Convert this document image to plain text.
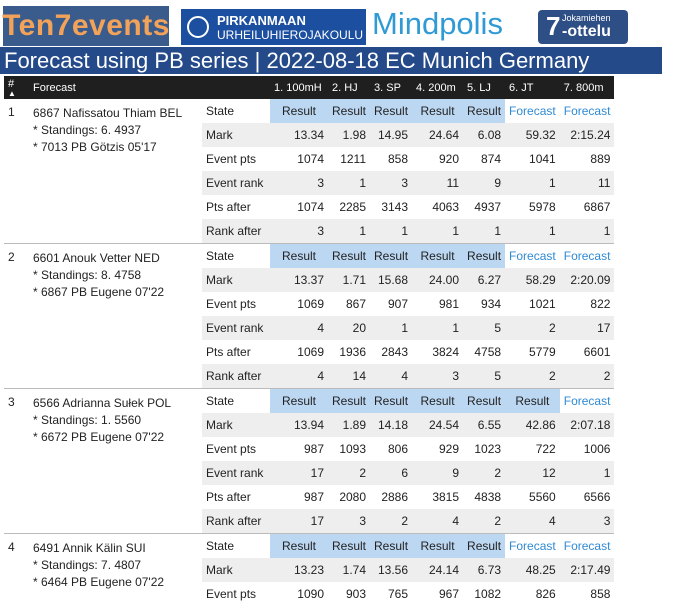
Ten7events	PIRKANMAAN
URHEILUHIEROJAKOULU Mindpolis 7 Jokamiehen
-ottelu
Forecast using PB series | 2022-08-18 EC Munich Germany
#
▲	Forecast		1. 100mH	2. HJ	3. SP	4. 200m	5. LJ	6. JT	7. 800m
1	6867 Nafissatou Thiam BEL
* Standings: 6. 4937
* 7013 PB Götzis 05'17	State	Result	Result	Result	Result	Result	Forecast	Forecast
		Mark	13.34	1.98	14.95	24.64	6.08	59.32	2:15.24
		Event pts	1074	1211	858	920	874	1041	889
		Event rank	3	1	3	11	9	1	11
		Pts after	1074	2285	3143	4063	4937	5978	6867
		Rank after	3	1	1	1	1	1	1
2	6601 Anouk Vetter NED
* Standings: 8. 4758
* 6867 PB Eugene 07'22	State	Result	Result	Result	Result	Result	Forecast	Forecast
		Mark	13.37	1.71	15.68	24.00	6.27	58.29	2:20.09
		Event pts	1069	867	907	981	934	1021	822
		Event rank	4	20	1	1	5	2	17
		Pts after	1069	1936	2843	3824	4758	5779	6601
		Rank after	4	14	4	3	5	2	2
3	6566 Adrianna Sułek POL
* Standings: 1. 5560
* 6672 PB Eugene 07'22	State	Result	Result	Result	Result	Result	Result	Forecast
		Mark	13.94	1.89	14.18	24.54	6.55	42.86	2:07.18
		Event pts	987	1093	806	929	1023	722	1006
		Event rank	17	2	6	9	2	12	1
		Pts after	987	2080	2886	3815	4838	5560	6566
		Rank after	17	3	2	4	2	4	3
4	6491 Annik Kälin SUI
* Standings: 7. 4807
* 6464 PB Eugene 07'22	State	Result	Result	Result	Result	Result	Forecast	Forecast
		Mark	13.23	1.74	13.56	24.14	6.73	48.25	2:17.49
		Event pts	1090	903	765	967	1082	826	858
